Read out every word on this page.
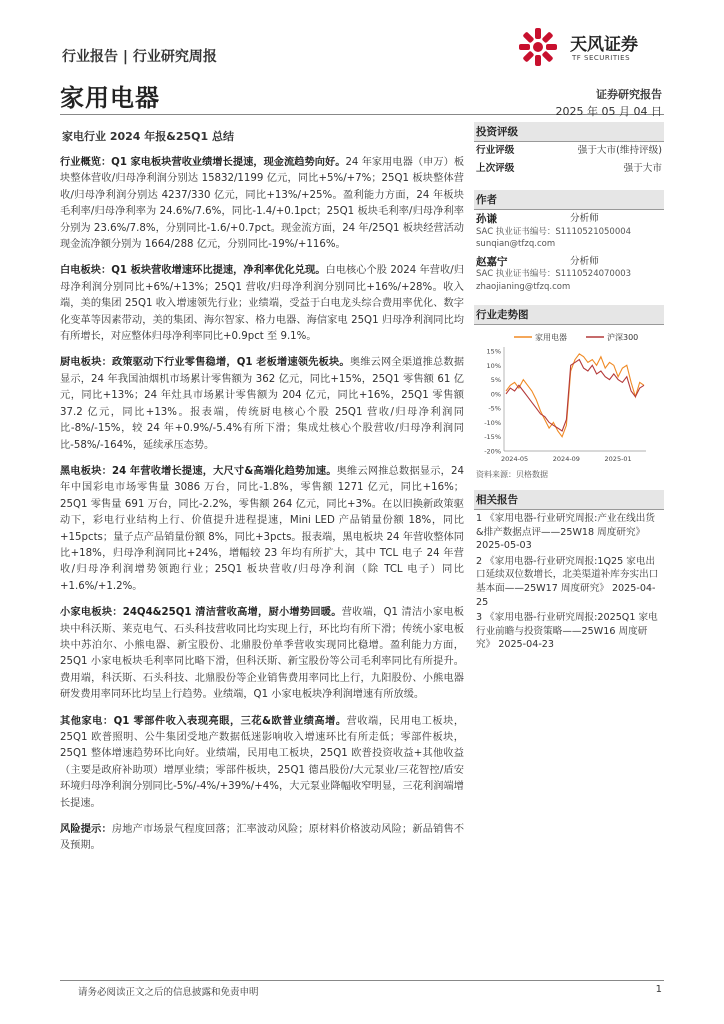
行业报告 | 行业研究周报
家用电器
天风证券
TF SECURITIES
证券研究报告
2025 年 05 月 04 日
家电行业 2024 年报&25Q1 总结

行业概览：Q1 家电板块营收业绩增长提速，现金流趋势向好。24 年家用电器（申万）板块整体营收/归母净利润分别达 15832/1199 亿元，同比+5%/+7%；25Q1 板块整体营收/归母净利润分别达 4237/330 亿元，同比+13%/+25%。盈利能力方面，24 年板块毛利率/归母净利率为 24.6%/7.6%，同比-1.4/+0.1pct；25Q1 板块毛利率/归母净利率分别为 23.6%/7.8%，分别同比-1.6/+0.7pct。现金流方面，24 年/25Q1 板块经营活动现金流净额分别为 1664/288 亿元，分别同比-19%/+116%。

白电板块：Q1 板块营收增速环比提速，净利率优化兑现。白电核心个股 2024 年营收/归母净利润分别同比+6%/+13%；25Q1 营收/归母净利润分别同比+16%/+28%。收入端，美的集团 25Q1 收入增速领先行业；业绩端，受益于白电龙头综合费用率优化、数字化变革等因素带动，美的集团、海尔智家、格力电器、海信家电 25Q1 归母净利润同比均有所增长，对应整体归母净利率同比+0.9pct 至 9.1%。

厨电板块：政策驱动下行业零售稳增，Q1 老板增速领先板块。奥维云网全渠道推总数据显示，24 年我国油烟机市场累计零售额为 362 亿元，同比+15%，25Q1 零售额 61 亿元，同比+13%；24 年灶具市场累计零售额为 204 亿元，同比+16%，25Q1 零售额 37.2 亿元，同比+13%。报表端，传统厨电核心个股 25Q1 营收/归母净利润同比-8%/-15%，较 24 年+0.9%/-5.4%有所下滑；集成灶核心个股营收/归母净利润同比-58%/-164%，延续承压态势。

黑电板块：24 年营收增长提速，大尺寸&高端化趋势加速。奥维云网推总数据显示，24 年中国彩电市场零售量 3086 万台，同比-1.8%，零售额 1271 亿元，同比+16%；25Q1 零售量 691 万台，同比-2.2%，零售额 264 亿元，同比+3%。在以旧换新政策驱动下，彩电行业结构上行、价值提升进程提速，Mini LED 产品销量份额 18%，同比+15pcts；量子点产品销量份额 8%，同比+3pcts。报表端，黑电板块 24 年营收整体同比+18%，归母净利润同比+24%，增幅较 23 年均有所扩大，其中 TCL 电子 24 年营收/归母净利润增势领跑行业；25Q1 板块营收/归母净利润（除 TCL 电子）同比+1.6%/+1.2%。

小家电板块：24Q4&25Q1 清洁营收高增，厨小增势回暖。营收端，Q1 清洁小家电板块中科沃斯、莱克电气、石头科技营收同比均实现上行，环比均有所下滑；传统小家电板块中苏泊尔、小熊电器、新宝股份、北鼎股份单季营收实现同比稳增。盈利能力方面，25Q1 小家电板块毛利率同比略下滑，但科沃斯、新宝股份等公司毛利率同比有所提升。费用端，科沃斯、石头科技、北鼎股份等企业销售费用率同比上行，九阳股份、小熊电器研发费用率同环比均呈上行趋势。业绩端，Q1 小家电板块净利润增速有所放缓。

其他家电：Q1 零部件收入表现亮眼，三花&欧普业绩高增。营收端，民用电工板块，25Q1 欧普照明、公牛集团受地产数据低迷影响收入增速环比有所走低；零部件板块，25Q1 整体增速趋势环比向好。业绩端，民用电工板块，25Q1 欧普投资收益+其他收益（主要是政府补助项）增厚业绩；零部件板块，25Q1 德昌股份/大元泵业/三花智控/盾安环境归母净利润分别同比-5%/-4%/+39%/+4%，大元泵业降幅收窄明显，三花利润端增长提速。

风险提示：房地产市场景气程度回落；汇率波动风险；原材料价格波动风险；新品销售不及预期。

投资评级
行业评级	强于大市(维持评级)
上次评级	强于大市
作者
孙谦	分析师
SAC 执业证书编号：S1110521050004
sunqian@tfzq.com
赵嘉宁	分析师
SAC 执业证书编号：S1110524070003
zhaojianing@tfzq.com
行业走势图
家用电器	沪深300
15%
10%
5%
0%
-5%
-10%
-15%
-20%
2024-05	2024-09	2025-01
资料来源：贝格数据
相关报告
1 《家用电器-行业研究周报:产业在线出货&排产数据点评——25W18 周度研究》 2025-05-03
2 《家用电器-行业研究周报:1Q25 家电出口延续双位数增长，北美渠道补库夯实出口基本面——25W17 周度研究》 2025-04-25
3 《家用电器-行业研究周报:2025Q1 家电行业前瞻与投资策略——25W16 周度研究》 2025-04-23
请务必阅读正文之后的信息披露和免责申明	1
